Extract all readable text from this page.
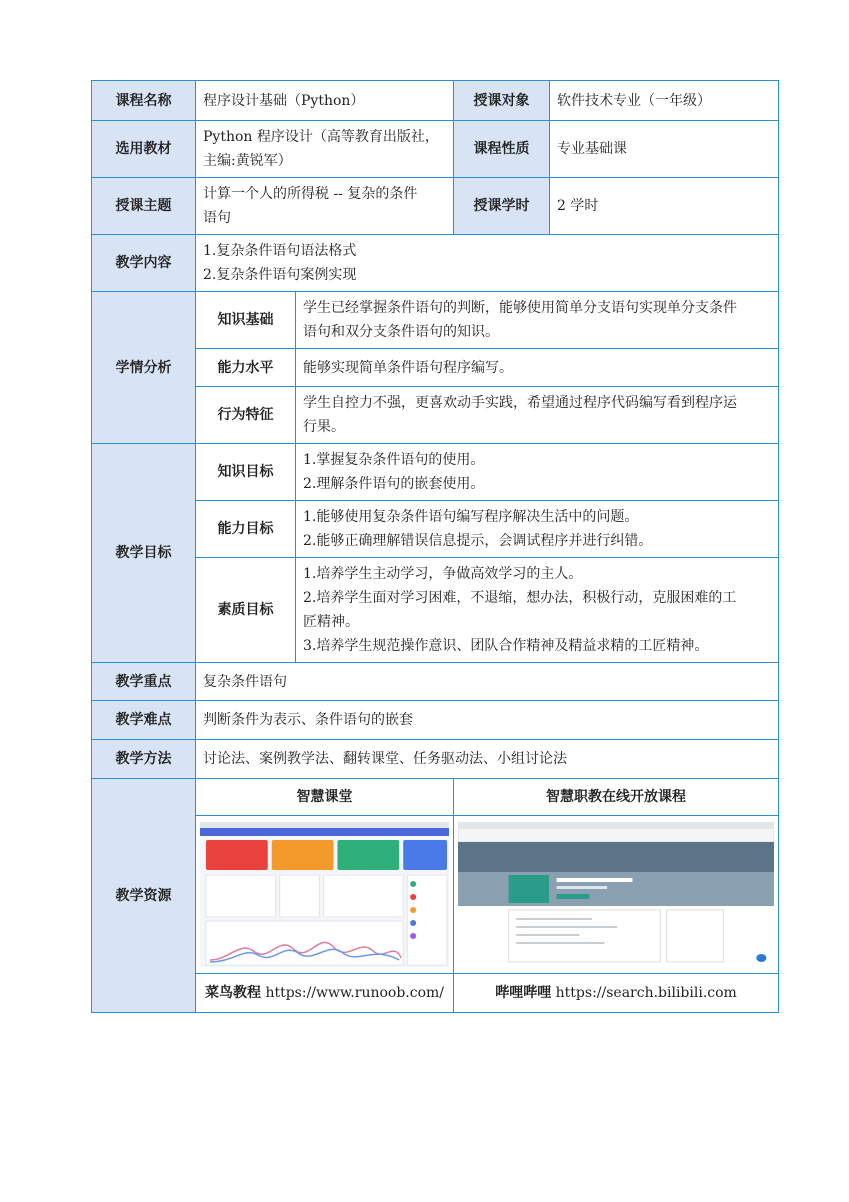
课程名称	程序设计基础（Python）		授课对象	软件技术专业（一年级）
选用教材	Python 程序设计（高等教育出版社，
主编:黄锐军）		课程性质	专业基础课
授课主题	计算一个人的所得税 -- 复杂的条件
语句		授课学时	2 学时
教学内容	1.复杂条件语句语法格式
2.复杂条件语句案例实现			

学情分析	知识基础	学生已经掌握条件语句的判断，能够使用简单分支语句实现单分支条件
语句和双分支条件语句的知识。		

	能力水平	能够实现简单条件语句程序编写。		
	行为特征	学生自控力不强，更喜欢动手实践，希望通过程序代码编写看到程序运
行果。		

教学目标	知识目标	1.掌握复杂条件语句的使用。
2.理解条件语句的嵌套使用。		

	能力目标	1.能够使用复杂条件语句编写程序解决生活中的问题。
2.能够正确理解错误信息提示，会调试程序并进行纠错。		

	素质目标	1.培养学生主动学习，争做高效学习的主人。
2.培养学生面对学习困难，不退缩，想办法，积极行动，克服困难的工
匠精神。
3.培养学生规范操作意识、团队合作精神及精益求精的工匠精神。		

教学重点	复杂条件语句			
教学难点	判断条件为表示、条件语句的嵌套			
教学方法	讨论法、案例教学法、翻转课堂、任务驱动法、小组讨论法			
教学资源	智慧课堂		智慧职教在线开放课程	

	菜鸟教程 https://www.runoob.com/		哔哩哔哩 https://search.bilibili.com	
